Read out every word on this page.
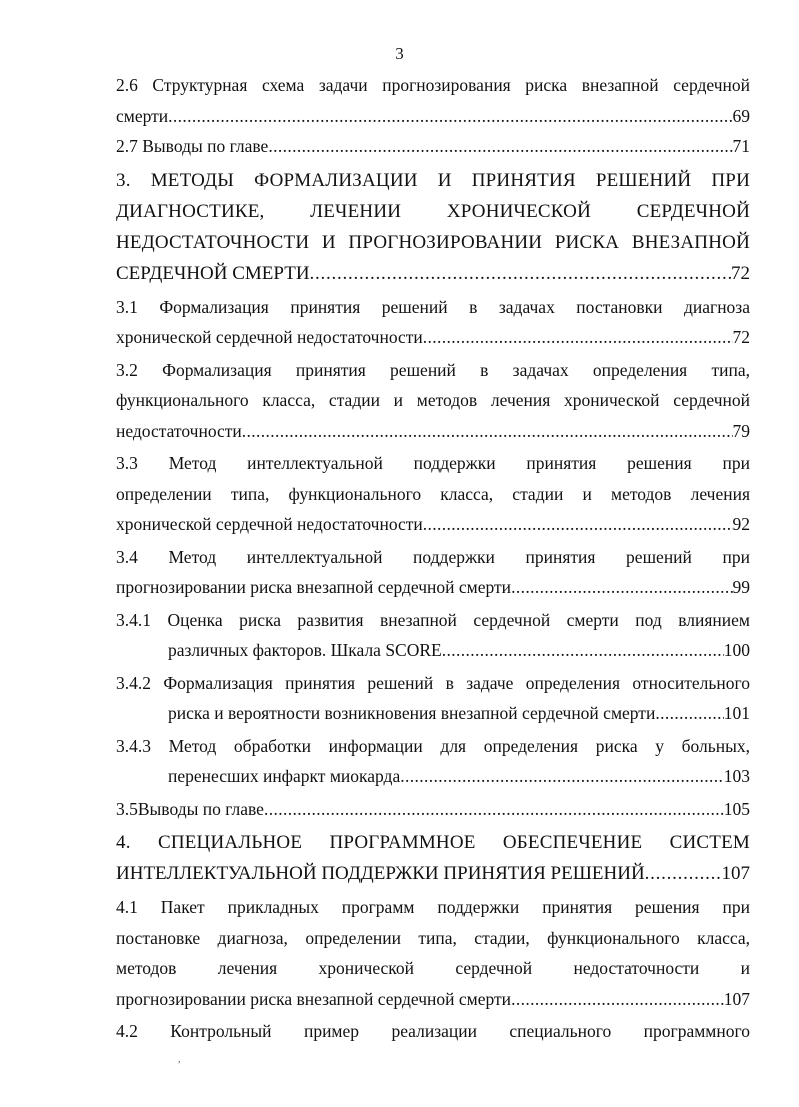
3
2.6 Структурная схема задачи прогнозирования риска внезапной сердечной
смерти . . .	69
2.7 Выводы по главе . . .	71
3. МЕТОДЫ ФОРМАЛИЗАЦИИ И ПРИНЯТИЯ РЕШЕНИЙ ПРИ
ДИАГНОСТИКЕ, ЛЕЧЕНИИ ХРОНИЧЕСКОЙ СЕРДЕЧНОЙ
НЕДОСТАТОЧНОСТИ И ПРОГНОЗИРОВАНИИ РИСКА ВНЕЗАПНОЙ
СЕРДЕЧНОЙ СМЕРТИ . . .	72
3.1 Формализация принятия решений в задачах постановки диагноза
хронической сердечной недостаточности . . .	72
3.2 Формализация принятия решений в задачах определения типа,
функционального класса, стадии и методов лечения хронической сердечной
недостаточности . . .	79
3.3 Метод интеллектуальной поддержки принятия решения при
определении типа, функционального класса, стадии и методов лечения
хронической сердечной недостаточности . . .	92
3.4 Метод интеллектуальной поддержки принятия решений при
прогнозировании риска внезапной сердечной смерти . . .	99
3.4.1 Оценка риска развития внезапной сердечной смерти под влиянием
различных факторов. Шкала SCORE . . .	100
3.4.2 Формализация принятия решений в задаче определения относительного
риска и вероятности возникновения внезапной сердечной смерти . . .	101
3.4.3 Метод обработки информации для определения риска у больных,
перенесших инфаркт миокарда . . .	103
3.5Выводы по главе . . .	105
4. СПЕЦИАЛЬНОЕ ПРОГРАММНОЕ ОБЕСПЕЧЕНИЕ СИСТЕМ
ИНТЕЛЛЕКТУАЛЬНОЙ ПОДДЕРЖКИ ПРИНЯТИЯ РЕШЕНИЙ . . .	107
4.1 Пакет прикладных программ поддержки принятия решения при
постановке диагноза, определении типа, стадии, функционального класса,
методов лечения хронической сердечной недостаточности и
прогнозировании риска внезапной сердечной смерти . . .	107
4.2 Контрольный пример реализации специального программного
,
